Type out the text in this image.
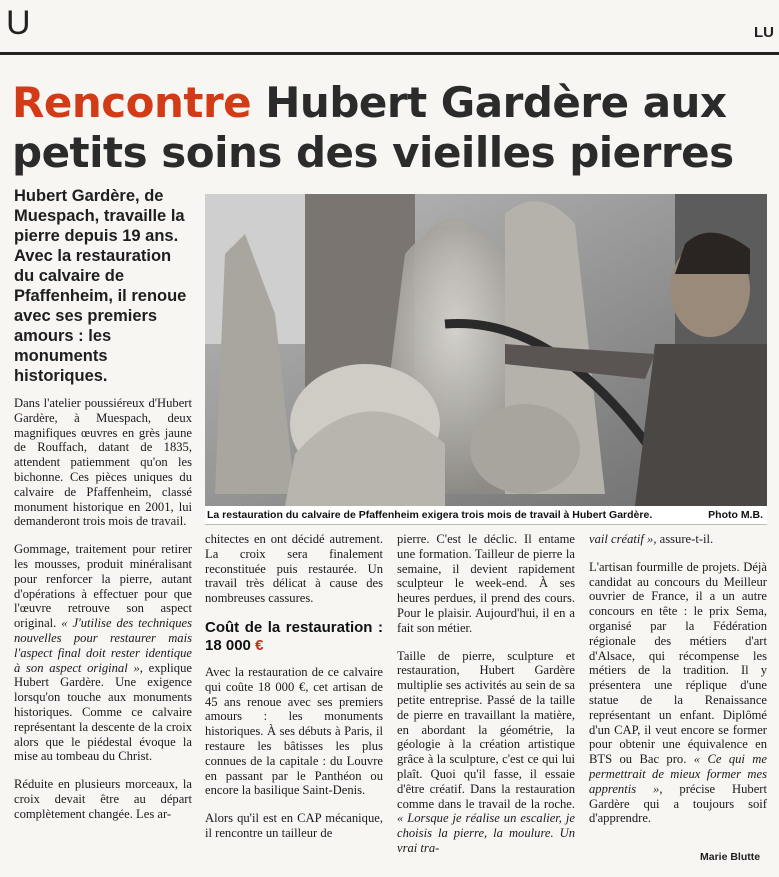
U	LU
Rencontre Hubert Gardère aux petits soins des vieilles pierres
Hubert Gardère, de Muespach, travaille la pierre depuis 19 ans. Avec la restauration du calvaire de Pfaffenheim, il renoue avec ses premiers amours : les monuments historiques.
La restauration du calvaire de Pfaffenheim exigera trois mois de travail à Hubert Gardère.	Photo M.B.

Dans l'atelier poussiéreux d'Hubert Gardère, à Muespach, deux magnifiques œuvres en grès jaune de Rouffach, datant de 1835, attendent patiemment qu'on les bichonne. Ces pièces uniques du calvaire de Pfaffenheim, classé monument historique en 2001, lui demanderont trois mois de travail.

Gommage, traitement pour retirer les mousses, produit minéralisant pour renforcer la pierre, autant d'opérations à effectuer pour que l'œuvre retrouve son aspect original. « J'utilise des techniques nouvelles pour restaurer mais l'aspect final doit rester identique à son aspect original », explique Hubert Gardère. Une exigence lorsqu'on touche aux monuments historiques. Comme ce calvaire représentant la descente de la croix alors que le piédestal évoque la mise au tombeau du Christ.

Réduite en plusieurs morceaux, la croix devait être au départ complètement changée. Les ar-

chitectes en ont décidé autrement. La croix sera finalement reconstituée puis restaurée. Un travail très délicat à cause des nombreuses cassures.

Coût de la restauration : 18 000 €

Avec la restauration de ce calvaire qui coûte 18 000 €, cet artisan de 45 ans renoue avec ses premiers amours : les monuments historiques. À ses débuts à Paris, il restaure les bâtisses les plus connues de la capitale : du Louvre en passant par le Panthéon ou encore la basilique Saint-Denis.

Alors qu'il est en CAP mécanique, il rencontre un tailleur de

pierre. C'est le déclic. Il entame une formation. Tailleur de pierre la semaine, il devient rapidement sculpteur le week-end. À ses heures perdues, il prend des cours. Pour le plaisir. Aujourd'hui, il en a fait son métier.

Taille de pierre, sculpture et restauration, Hubert Gardère multiplie ses activités au sein de sa petite entreprise. Passé de la taille de pierre en travaillant la matière, en abordant la géométrie, la géologie à la création artistique grâce à la sculpture, c'est ce qui lui plaît. Quoi qu'il fasse, il essaie d'être créatif. Dans la restauration comme dans le travail de la roche. « Lorsque je réalise un escalier, je choisis la pierre, la moulure. Un vrai tra-

vail créatif », assure-t-il.

L'artisan fourmille de projets. Déjà candidat au concours du Meilleur ouvrier de France, il a un autre concours en tête : le prix Sema, organisé par la Fédération régionale des métiers d'art d'Alsace, qui récompense les métiers de la tradition. Il y présentera une réplique d'une statue de la Renaissance représentant un enfant. Diplômé d'un CAP, il veut encore se former pour obtenir une équivalence en BTS ou Bac pro. « Ce qui me permettrait de mieux former mes apprentis », précise Hubert Gardère qui a toujours soif d'apprendre.

Marie Blutte
